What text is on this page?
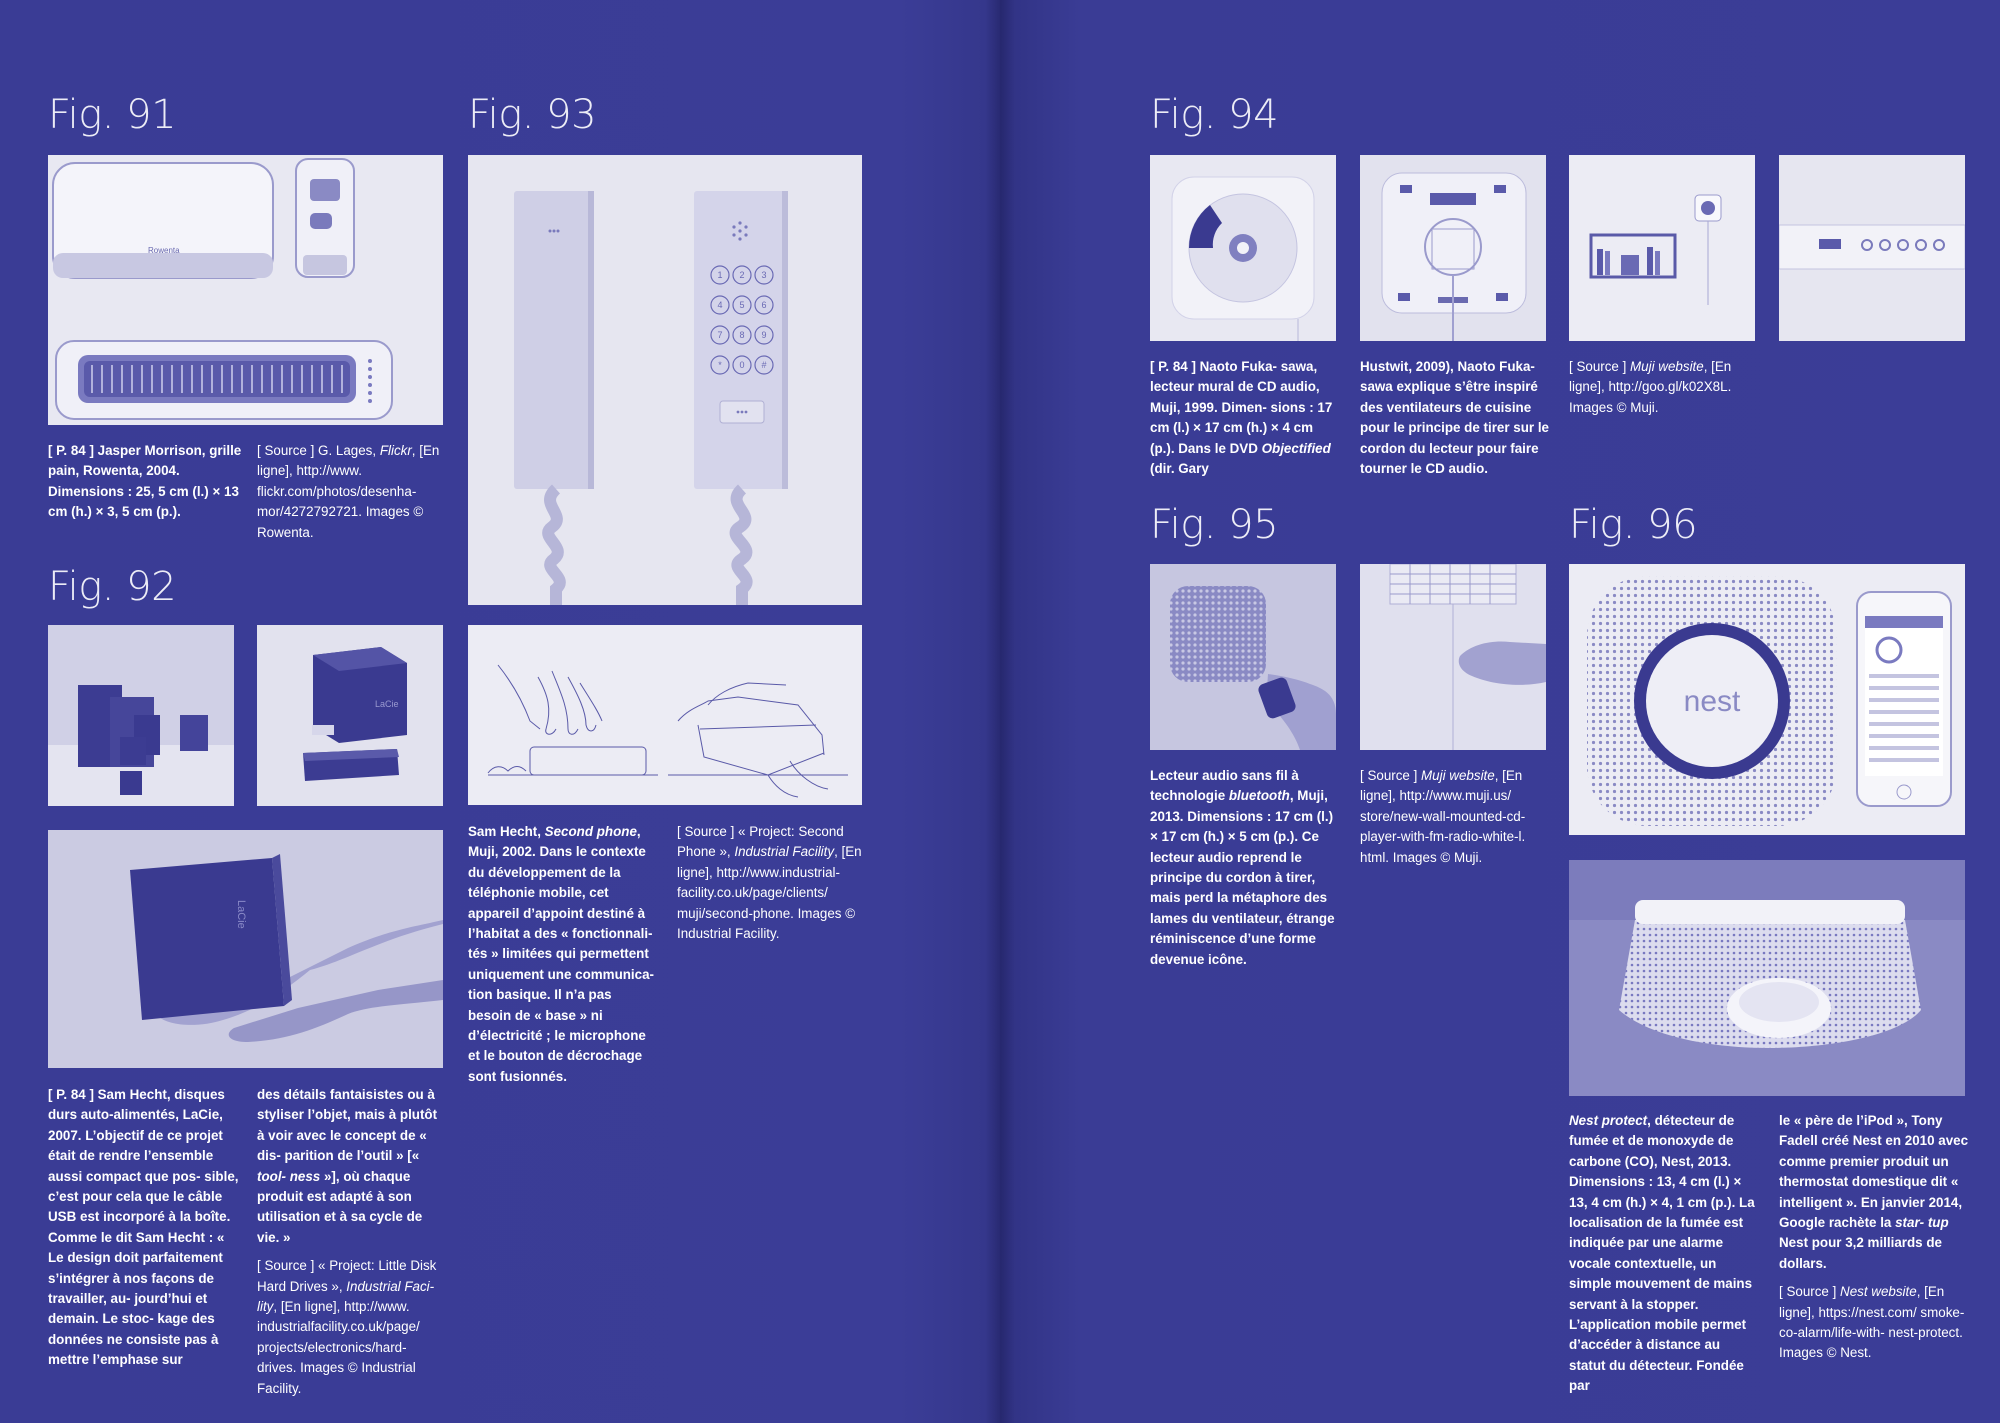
Fig. 91
Rowenta
[ P. 84 ] Jasper Morrison, grille pain, Rowenta, 2004. Dimensions : 25, 5 cm (l.) × 13 cm (h.) × 3, 5 cm (p.).
[ Source ] G. Lages, Flickr, [En ligne], http://www. flickr.com/photos/desenha- mor/4272792721. Images © Rowenta.
Fig. 92
LaCie
LaCie
[ P. 84 ] Sam Hecht, disques durs auto-alimentés, LaCie, 2007. L’objectif de ce projet était de rendre l’ensemble aussi compact que pos- sible, c’est pour cela que le câble USB est incorporé à la boîte. Comme le dit Sam Hecht : « Le design doit parfaitement s’intégrer à nos façons de travailler, au- jourd’hui et demain. Le stoc- kage des données ne consiste pas à mettre l’emphase sur

des détails fantaisistes ou à styliser l’objet, mais à plutôt à voir avec le concept de « dis- parition de l’outil » [« tool- ness »], où chaque produit est adapté à son utilisation et à sa cycle de vie. »

[ Source ] « Project: Little Disk Hard Drives », Industrial Faci- lity, [En ligne], http://www. industrialfacility.co.uk/page/ projects/electronics/hard- drives. Images © Industrial Facility.

Fig. 93
1 2 3
4 5 6
7 8 9
* 0 #
Sam Hecht, Second phone, Muji, 2002. Dans le contexte du développement de la téléphonie mobile, cet appareil d’appoint destiné à l’habitat a des « fonctionnali- tés » limitées qui permettent uniquement une communica- tion basique. Il n’a pas besoin de « base » ni d’électricité ; le microphone et le bouton de décrochage sont fusionnés.
[ Source ] « Project: Second Phone », Industrial Facility, [En ligne], http://www.industrial- facility.co.uk/page/clients/ muji/second-phone. Images © Industrial Facility.
Fig. 94
[ P. 84 ] Naoto Fuka- sawa, lecteur mural de CD audio, Muji, 1999. Dimen- sions : 17 cm (l.) × 17 cm (h.) × 4 cm (p.). Dans le DVD Objectified (dir. Gary
Hustwit, 2009), Naoto Fuka- sawa explique s’être inspiré des ventilateurs de cuisine pour le principe de tirer sur le cordon du lecteur pour faire tourner le CD audio.
[ Source ] Muji website, [En ligne], http://goo.gl/k02X8L. Images © Muji.
Fig. 95
Lecteur audio sans fil à technologie bluetooth, Muji, 2013. Dimensions : 17 cm (l.) × 17 cm (h.) × 5 cm (p.). Ce lecteur audio reprend le principe du cordon à tirer, mais perd la métaphore des lames du ventilateur, étrange réminiscence d’une forme devenue icône.
[ Source ] Muji website, [En ligne], http://www.muji.us/ store/new-wall-mounted-cd- player-with-fm-radio-white-l. html. Images © Muji.
Fig. 96
nest
Nest protect, détecteur de fumée et de monoxyde de carbone (CO), Nest, 2013. Dimensions : 13, 4 cm (l.) × 13, 4 cm (h.) × 4, 1 cm (p.). La localisation de la fumée est indiquée par une alarme vocale contextuelle, un simple mouvement de mains servant à la stopper. L’application mobile permet d’accéder à distance au statut du détecteur. Fondée par

le « père de l’iPod », Tony Fadell créé Nest en 2010 avec comme premier produit un thermostat domestique dit « intelligent ». En janvier 2014, Google rachète la star- tup Nest pour 3,2 milliards de dollars.

[ Source ] Nest website, [En ligne], https://nest.com/ smoke-co-alarm/life-with- nest-protect. Images © Nest.
